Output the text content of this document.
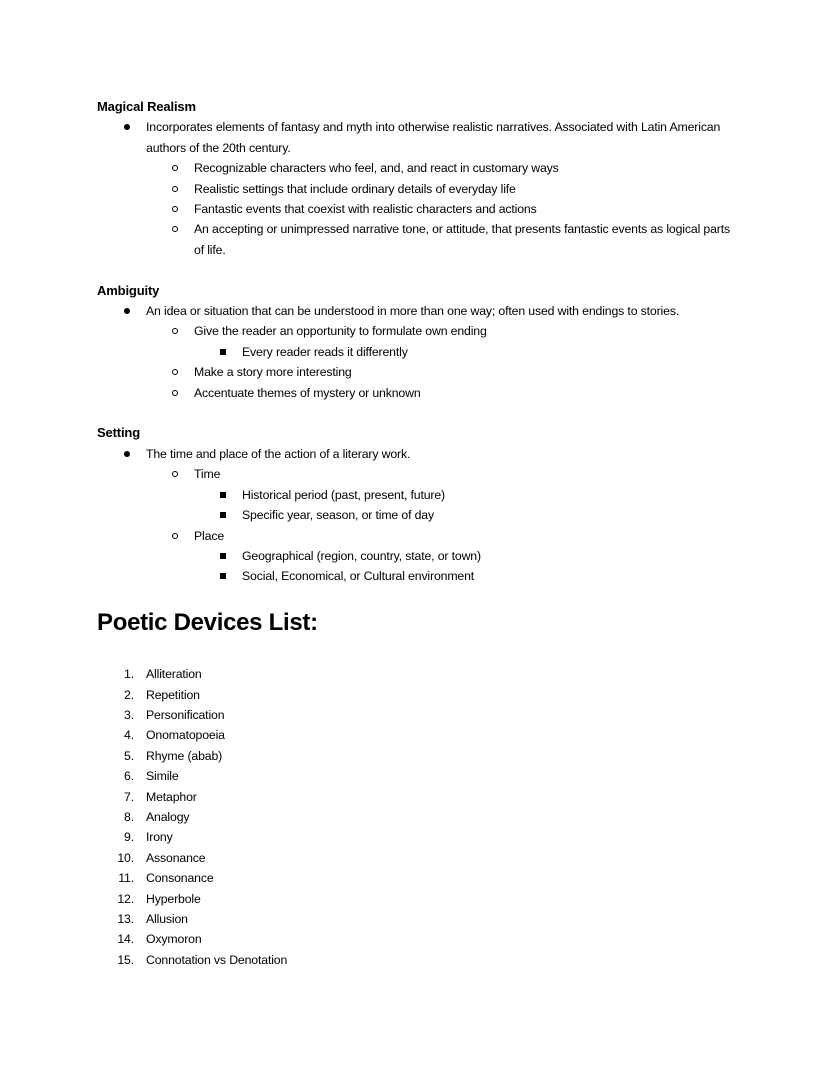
Magical Realism
Incorporates elements of fantasy and myth into otherwise realistic narratives. Associated with Latin American authors of the 20th century.
Recognizable characters who feel, and, and react in customary ways
Realistic settings that include ordinary details of everyday life
Fantastic events that coexist with realistic characters and actions
An accepting or unimpressed narrative tone, or attitude, that presents fantastic events as logical parts of life.
Ambiguity
An idea or situation that can be understood in more than one way; often used with endings to stories.
Give the reader an opportunity to formulate own ending
Every reader reads it differently
Make a story more interesting
Accentuate themes of mystery or unknown
Setting
The time and place of the action of a literary work.
Time
Historical period (past, present, future)
Specific year, season, or time of day
Place
Geographical (region, country, state, or town)
Social, Economical, or Cultural environment
Poetic Devices List:
1. Alliteration
2. Repetition
3. Personification
4. Onomatopoeia
5. Rhyme (abab)
6. Simile
7. Metaphor
8. Analogy
9. Irony
10. Assonance
11. Consonance
12. Hyperbole
13. Allusion
14. Oxymoron
15. Connotation vs Denotation
